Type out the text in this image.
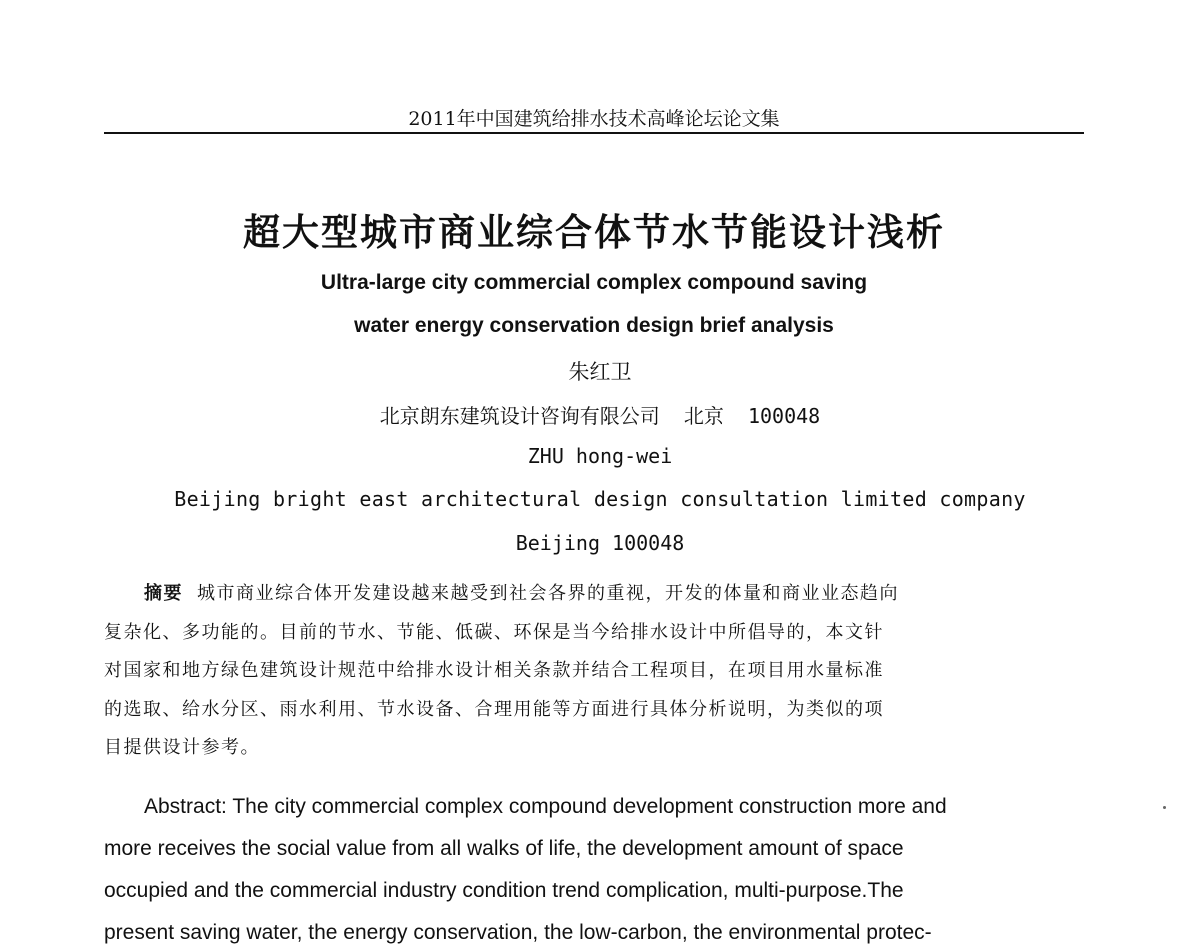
2011年中国建筑给排水技术高峰论坛论文集
超大型城市商业综合体节水节能设计浅析
Ultra-large city commercial complex compound saving
water energy conservation design brief analysis
朱红卫
北京朗东建筑设计咨询有限公司  北京  100048
ZHU hong-wei
Beijing bright east architectural design consultation limited company
Beijing 100048
摘要 城市商业综合体开发建设越来越受到社会各界的重视，开发的体量和商业业态趋向
复杂化、多功能的。目前的节水、节能、低碳、环保是当今给排水设计中所倡导的，本文针
对国家和地方绿色建筑设计规范中给排水设计相关条款并结合工程项目，在项目用水量标准
的选取、给水分区、雨水利用、节水设备、合理用能等方面进行具体分析说明，为类似的项
目提供设计参考。
Abstract: The city commercial complex compound development construction more and
more receives the social value from all walks of life, the development amount of space
occupied and the commercial industry condition trend complication, multi-purpose.The
present saving water, the energy conservation, the low-carbon, the environmental protec-
